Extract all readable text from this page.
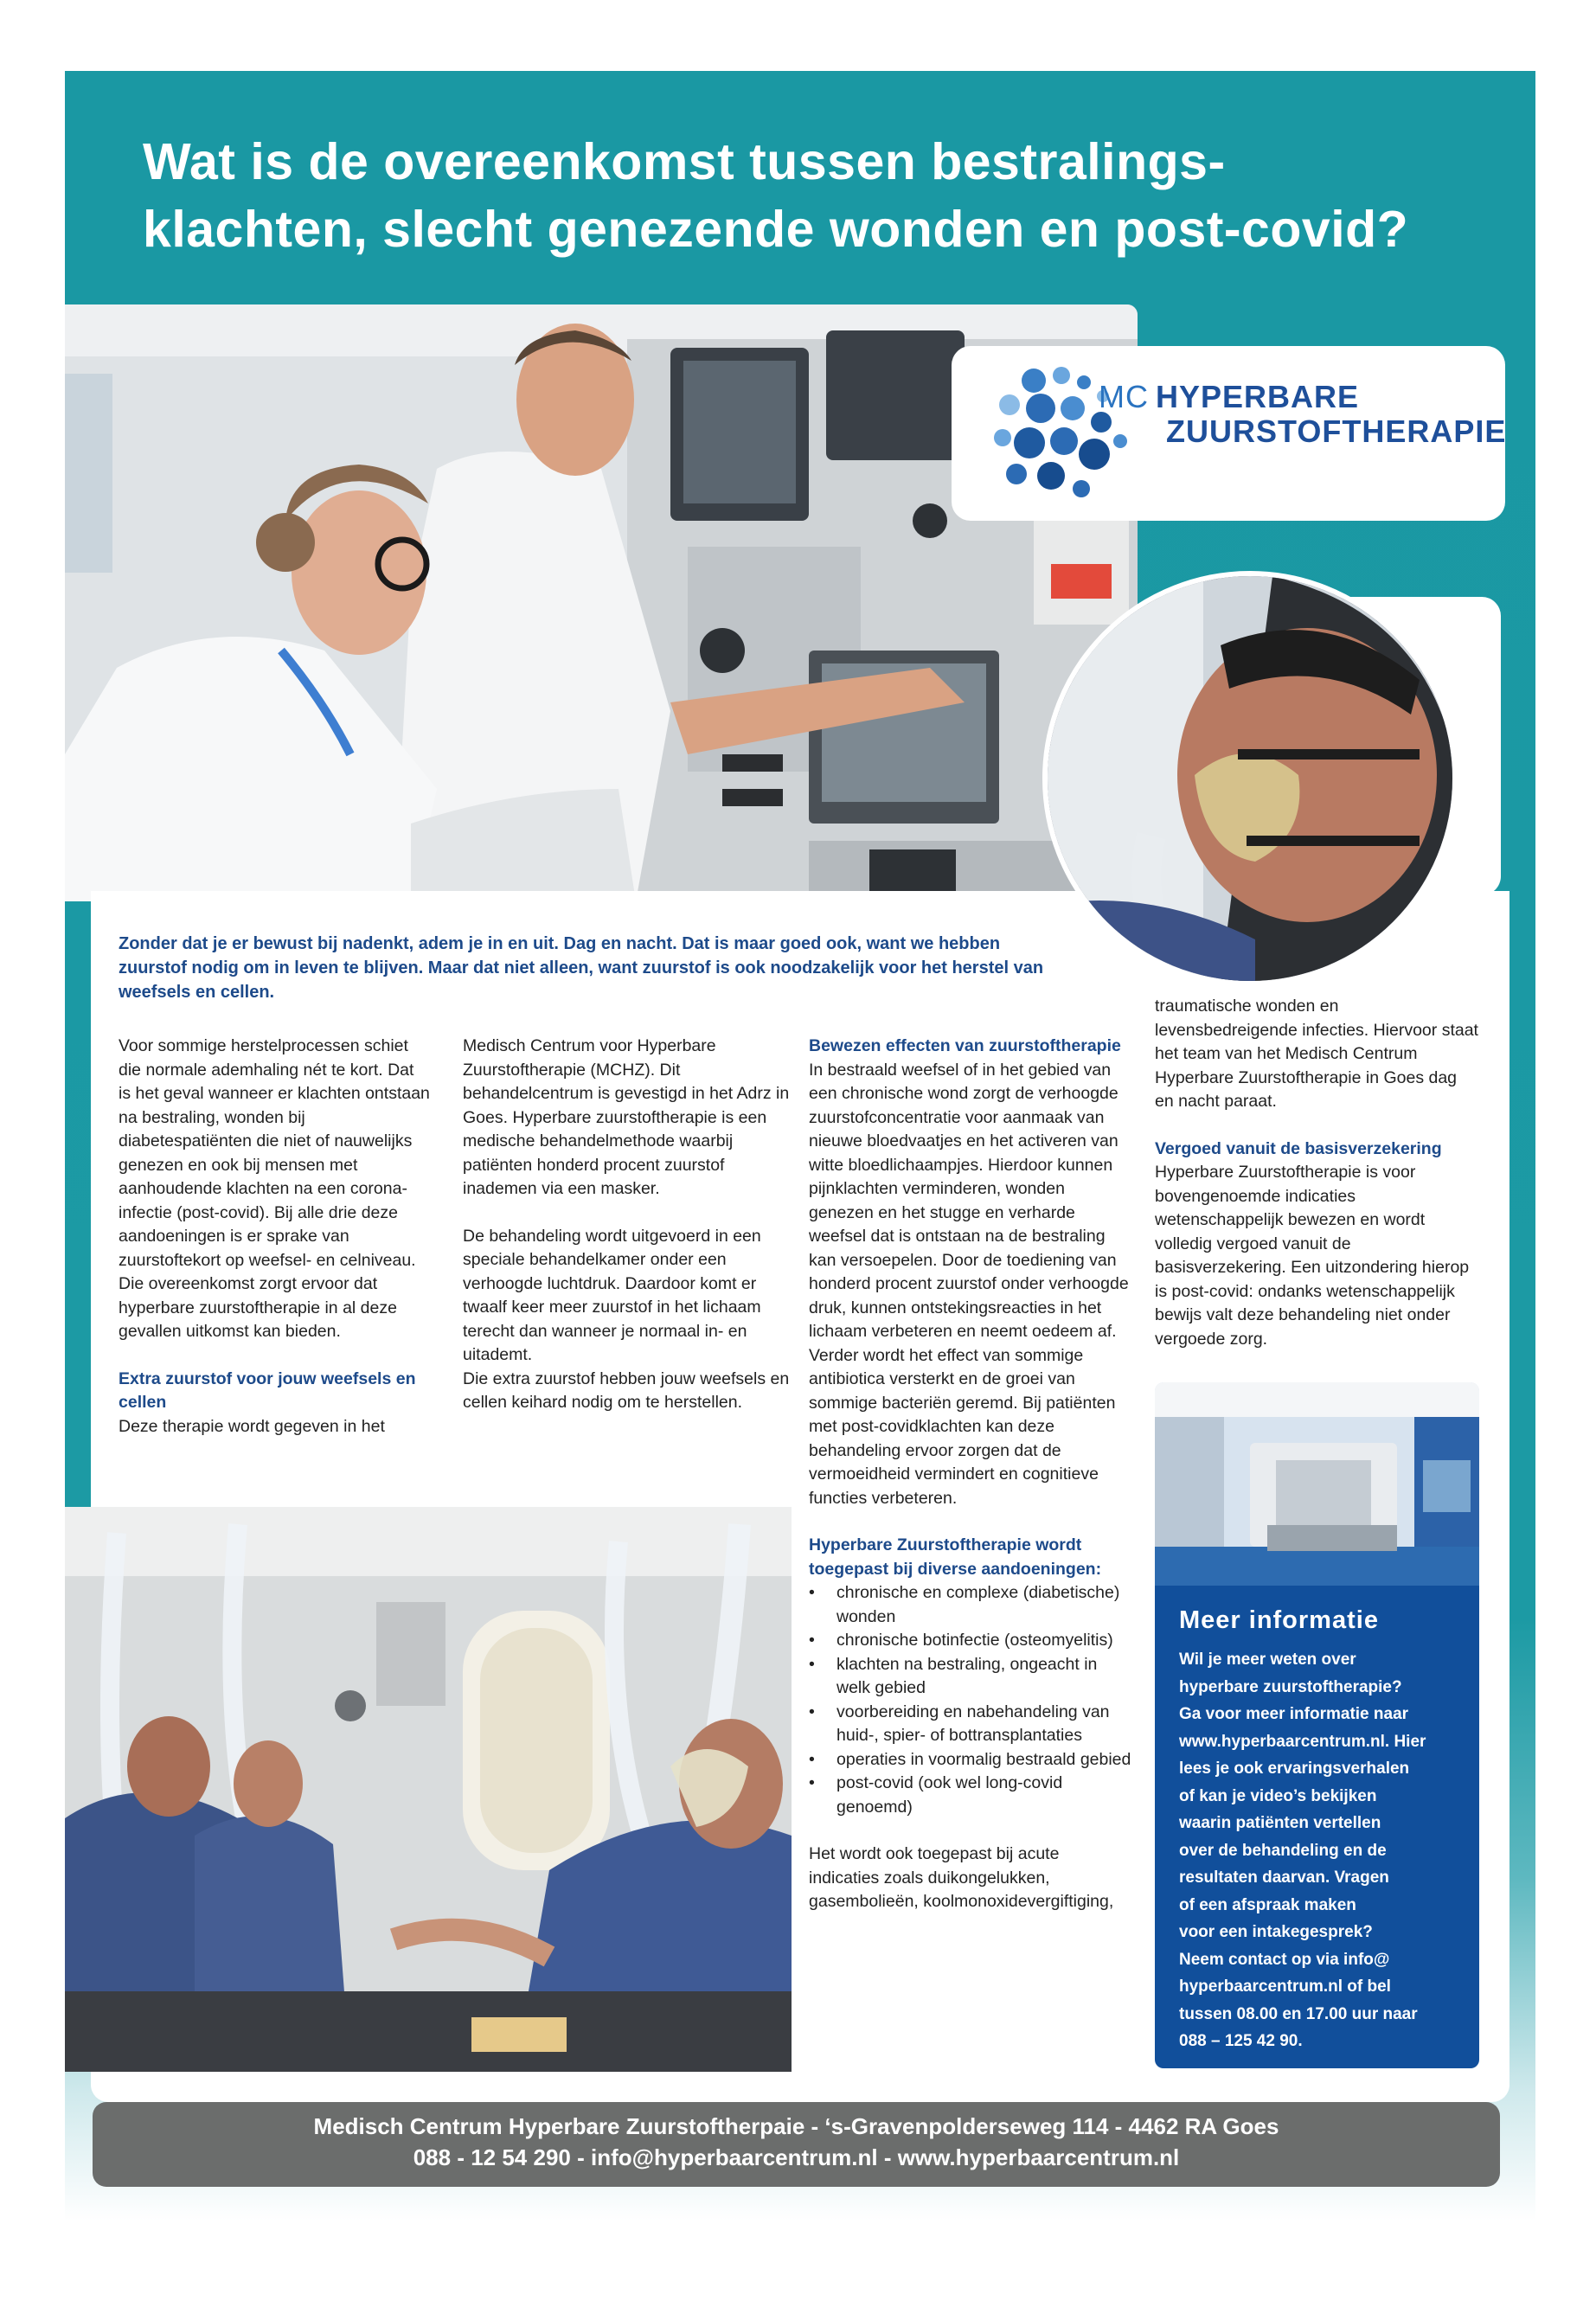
Wat is de overeenkomst tussen bestralings-
klachten, slecht genezende wonden en post-covid?
MC HYPERBARE
ZUURSTOFTHERAPIE
Zonder dat je er bewust bij nadenkt, adem je in en uit. Dag en nacht. Dat is maar goed ook, want we hebben zuurstof nodig om in leven te blijven. Maar dat niet alleen, want zuurstof is ook noodzakelijk voor het herstel van weefsels en cellen.

Voor sommige herstelprocessen schiet die normale ademhaling nét te kort. Dat is het geval wanneer er klachten ontstaan na bestraling, wonden bij diabetespatiënten die niet of nauwelijks genezen en ook bij mensen met aanhoudende klachten na een corona-infectie (post-covid). Bij alle drie deze aandoeningen is er sprake van zuurstoftekort op weefsel- en celniveau. Die overeenkomst zorgt ervoor dat hyperbare zuurstoftherapie in al deze gevallen uitkomst kan bieden.

Extra zuurstof voor jouw weefsels en cellen

Deze therapie wordt gegeven in het

Medisch Centrum voor Hyperbare Zuurstoftherapie (MCHZ). Dit behandelcentrum is gevestigd in het Adrz in Goes. Hyperbare zuurstoftherapie is een medische behandelmethode waarbij patiënten honderd procent zuurstof inademen via een masker.

De behandeling wordt uitgevoerd in een speciale behandelkamer onder een verhoogde luchtdruk. Daardoor komt er twaalf keer meer zuurstof in het lichaam terecht dan wanneer je normaal in- en uitademt.

Die extra zuurstof hebben jouw weefsels en cellen keihard nodig om te herstellen.

Bewezen effecten van zuurstoftherapie

In bestraald weefsel of in het gebied van een chronische wond zorgt de verhoogde zuurstofconcentratie voor aanmaak van nieuwe bloedvaatjes en het activeren van witte bloedlichaampjes. Hierdoor kunnen pijnklachten verminderen, wonden genezen en het stugge en verharde weefsel dat is ontstaan na de bestraling kan versoepelen. Door de toediening van honderd procent zuurstof onder verhoogde druk, kunnen ontstekingsreacties in het lichaam verbeteren en neemt oedeem af. Verder wordt het effect van sommige antibiotica versterkt en de groei van sommige bacteriën geremd. Bij patiënten met post-covidklachten kan deze behandeling ervoor zorgen dat de vermoeidheid vermindert en cognitieve functies verbeteren.

Hyperbare Zuurstoftherapie wordt toegepast bij diverse aandoeningen:

• chronische en complexe (diabetische) wonden
• chronische botinfectie (osteomyelitis)
• klachten na bestraling, ongeacht in welk gebied
• voorbereiding en nabehandeling van huid-, spier- of bottransplantaties
• operaties in voormalig bestraald gebied
• post-covid (ook wel long-covid genoemd)

Het wordt ook toegepast bij acute indicaties zoals duikongelukken, gasembolieën, koolmonoxidevergiftiging,

traumatische wonden en levensbedreigende infecties. Hiervoor staat het team van het Medisch Centrum Hyperbare Zuurstoftherapie in Goes dag en nacht paraat.

Vergoed vanuit de basisverzekering

Hyperbare Zuurstoftherapie is voor bovengenoemde indicaties wetenschappelijk bewezen en wordt volledig vergoed vanuit de basisverzekering. Een uitzondering hierop is post-covid: ondanks wetenschappelijk bewijs valt deze behandeling niet onder vergoede zorg.

Meer informatie
Wil je meer weten over
hyperbare zuurstoftherapie?
Ga voor meer informatie naar
www.hyperbaarcentrum.nl. Hier
lees je ook ervaringsverhalen
of kan je video’s bekijken
waarin patiënten vertellen
over de behandeling en de
resultaten daarvan. Vragen
of een afspraak maken
voor een intakegesprek?
Neem contact op via info@
hyperbaarcentrum.nl of bel
tussen 08.00 en 17.00 uur naar
088 – 125 42 90.
Medisch Centrum Hyperbare Zuurstoftherpaie - ‘s-Gravenpolderseweg 114 - 4462 RA Goes
088 - 12 54 290 - info@hyperbaarcentrum.nl - www.hyperbaarcentrum.nl
